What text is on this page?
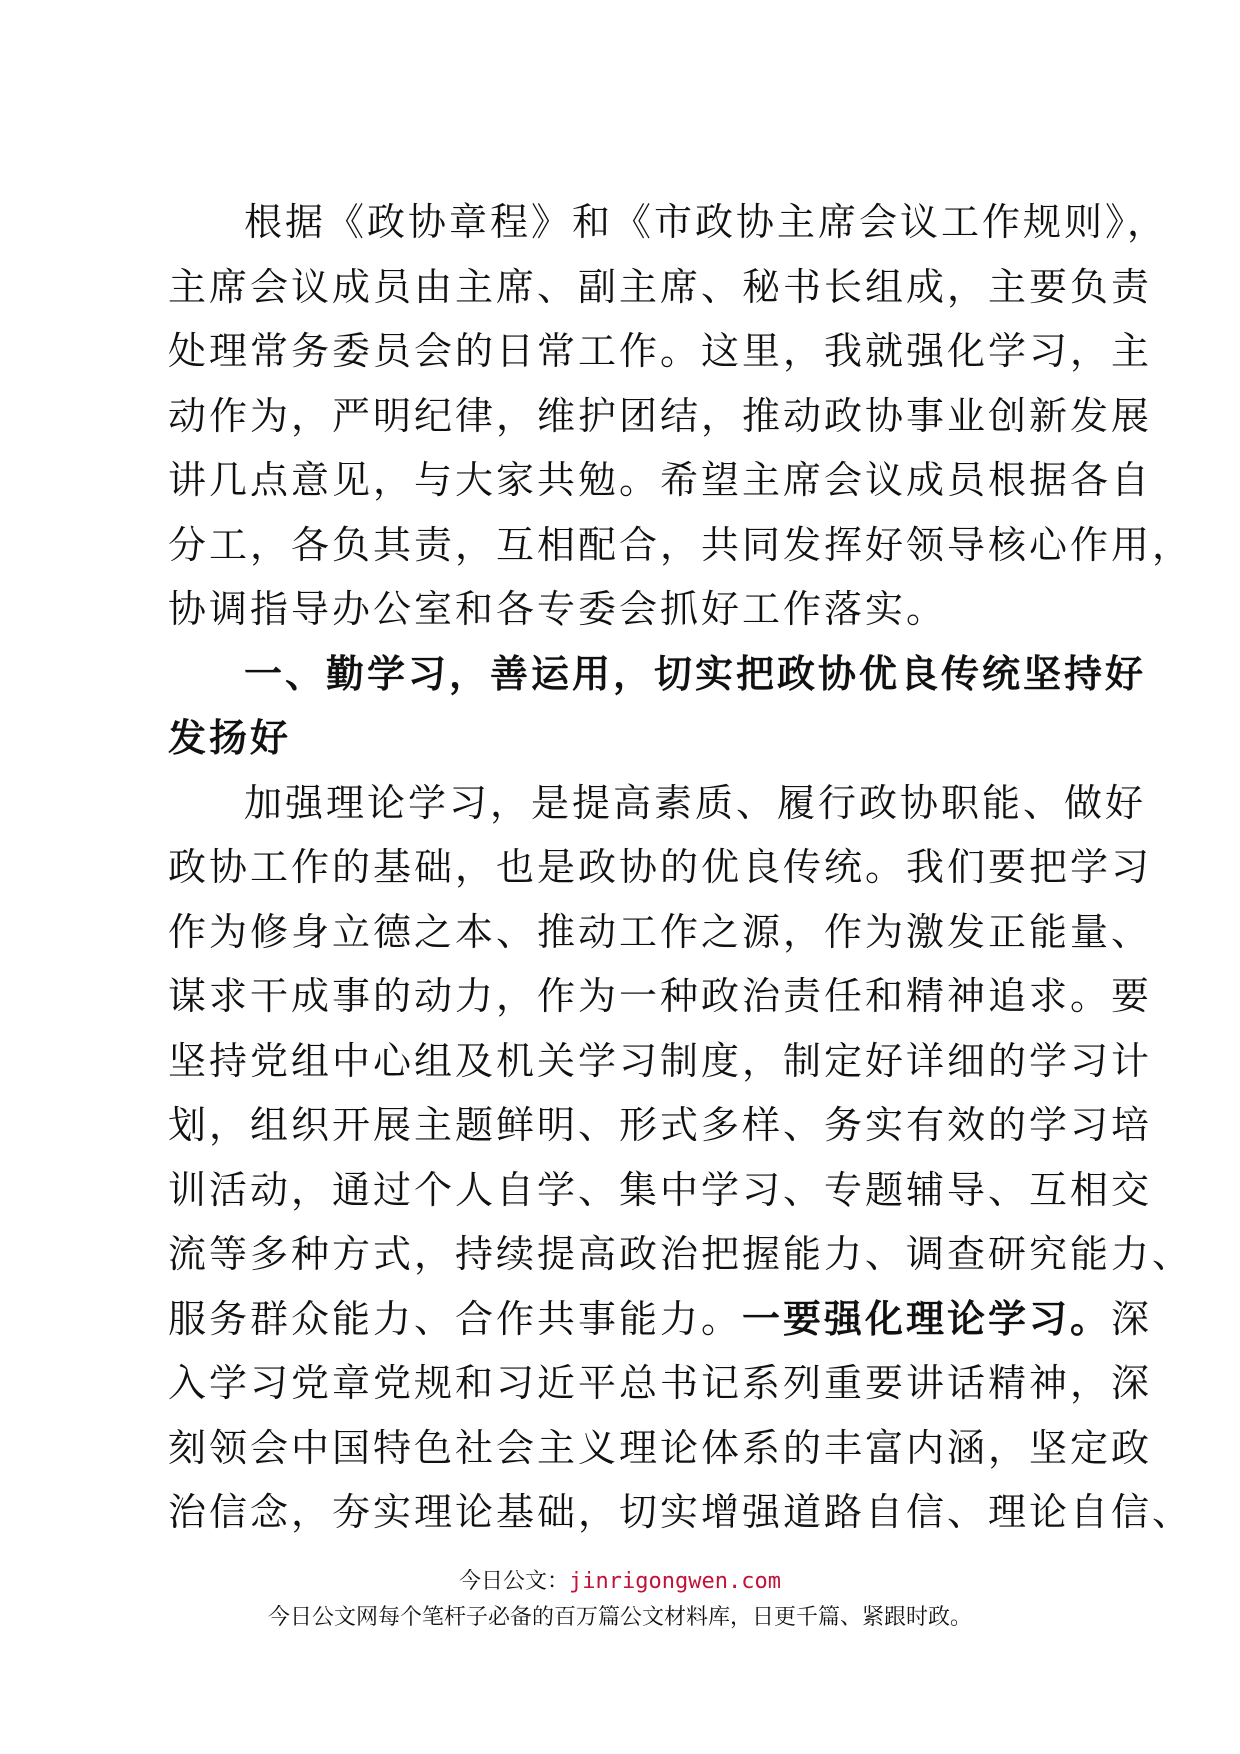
根据《政协章程》和《市政协主席会议工作规则》，
主席会议成员由主席、副主席、秘书长组成，主要负责
处理常务委员会的日常工作。这里，我就强化学习，主
动作为，严明纪律，维护团结，推动政协事业创新发展
讲几点意见，与大家共勉。希望主席会议成员根据各自
分工，各负其责，互相配合，共同发挥好领导核心作用，
协调指导办公室和各专委会抓好工作落实。
一、勤学习，善运用，切实把政协优良传统坚持好
发扬好
加强理论学习，是提高素质、履行政协职能、做好
政协工作的基础，也是政协的优良传统。我们要把学习
作为修身立德之本、推动工作之源，作为激发正能量、
谋求干成事的动力，作为一种政治责任和精神追求。要
坚持党组中心组及机关学习制度，制定好详细的学习计
划，组织开展主题鲜明、形式多样、务实有效的学习培
训活动，通过个人自学、集中学习、专题辅导、互相交
流等多种方式，持续提高政治把握能力、调查研究能力、
服务群众能力、合作共事能力。一要强化理论学习。深
入学习党章党规和习近平总书记系列重要讲话精神，深
刻领会中国特色社会主义理论体系的丰富内涵，坚定政
治信念，夯实理论基础，切实增强道路自信、理论自信、
今日公文：jinrigongwen.com
今日公文网每个笔杆子必备的百万篇公文材料库，日更千篇、紧跟时政。
